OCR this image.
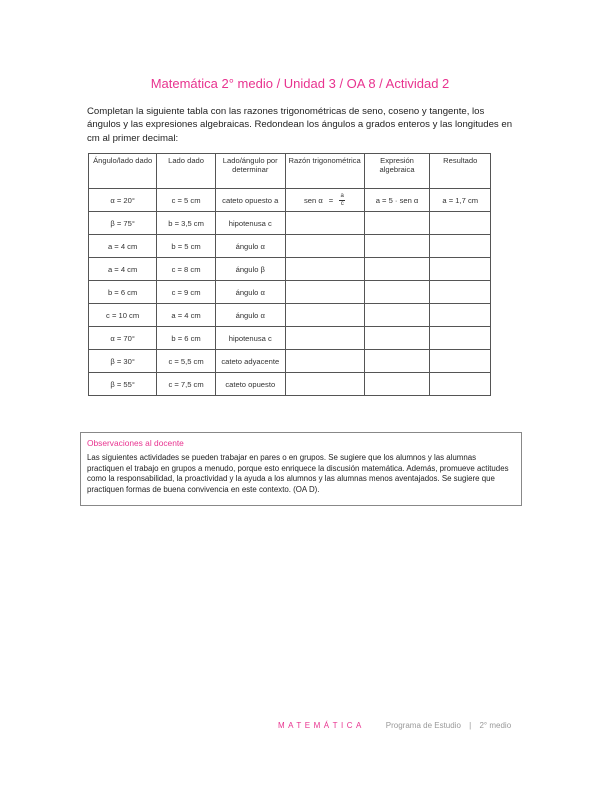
Matemática 2° medio / Unidad 3 / OA 8 / Actividad 2
Completan la siguiente tabla con las razones trigonométricas de seno, coseno y tangente, los ángulos y las expresiones algebraicas. Redondean los ángulos a grados enteros y las longitudes en cm al primer decimal:
Ángulo/lado dado	Lado dado	Lado/ángulo por determinar	Razón trigonométrica	Expresión algebraica	Resultado
α = 20°	c = 5 cm	cateto opuesto a	sen $\alpha = \frac{a}{c}$	a = 5 · sen α	a = 1,7 cm
β = 75°	b = 3,5 cm	hipotenusa c			
a = 4 cm	b = 5 cm	ángulo α			
a = 4 cm	c = 8 cm	ángulo β			
b = 6 cm	c = 9 cm	ángulo α			
c = 10 cm	a = 4 cm	ángulo α			
α = 70°	b = 6 cm	hipotenusa c			
β = 30°	c = 5,5 cm	cateto adyacente			
β = 55°	c = 7,5 cm	cateto opuesto			
Observaciones al docente
Las siguientes actividades se pueden trabajar en pares o en grupos. Se sugiere que los alumnos y las alumnas practiquen el trabajo en grupos a menudo, porque esto enriquece la discusión matemática. Además, promueve actitudes como la responsabilidad, la proactividad y la ayuda a los alumnos y las alumnas menos aventajados. Se sugiere que practiquen formas de buena convivencia en este contexto. (OA D).
MATEMÁTICA	Programa de Estudio | 2° medio
